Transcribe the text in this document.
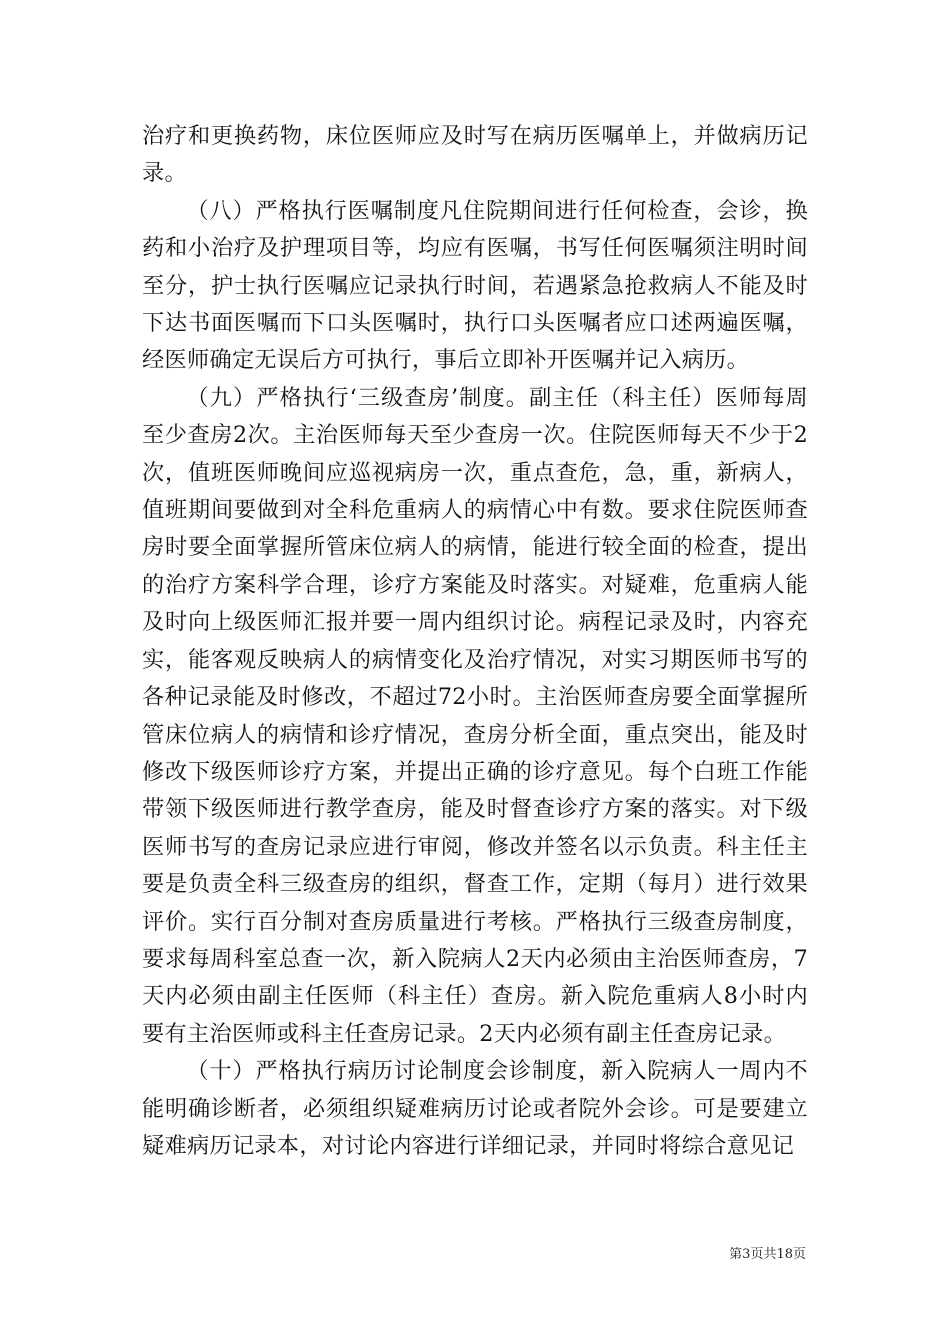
治疗和更换药物，床位医师应及时写在病历医嘱单上，并做病历记录。

（八）严格执行医嘱制度凡住院期间进行任何检查，会诊，换药和小治疗及护理项目等，均应有医嘱，书写任何医嘱须注明时间至分，护士执行医嘱应记录执行时间，若遇紧急抢救病人不能及时下达书面医嘱而下口头医嘱时，执行口头医嘱者应口述两遍医嘱，经医师确定无误后方可执行，事后立即补开医嘱并记入病历。

（九）严格执行‘三级查房’制度。副主任（科主任）医师每周至少查房2次。主治医师每天至少查房一次。住院医师每天不少于2次，值班医师晚间应巡视病房一次，重点查危，急，重，新病人，值班期间要做到对全科危重病人的病情心中有数。要求住院医师查房时要全面掌握所管床位病人的病情，能进行较全面的检查，提出的治疗方案科学合理，诊疗方案能及时落实。对疑难，危重病人能及时向上级医师汇报并要一周内组织讨论。病程记录及时，内容充实，能客观反映病人的病情变化及治疗情况，对实习期医师书写的各种记录能及时修改，不超过72小时。主治医师查房要全面掌握所管床位病人的病情和诊疗情况，查房分析全面，重点突出，能及时修改下级医师诊疗方案，并提出正确的诊疗意见。每个白班工作能带领下级医师进行教学查房，能及时督查诊疗方案的落实。对下级医师书写的查房记录应进行审阅，修改并签名以示负责。科主任主要是负责全科三级查房的组织，督查工作，定期（每月）进行效果评价。实行百分制对查房质量进行考核。严格执行三级查房制度，要求每周科室总查一次，新入院病人2天内必须由主治医师查房，7天内必须由副主任医师（科主任）查房。新入院危重病人8小时内要有主治医师或科主任查房记录。2天内必须有副主任查房记录。

（十）严格执行病历讨论制度会诊制度，新入院病人一周内不能明确诊断者，必须组织疑难病历讨论或者院外会诊。可是要建立疑难病历记录本，对讨论内容进行详细记录，并同时将综合意见记

第3页共18页
